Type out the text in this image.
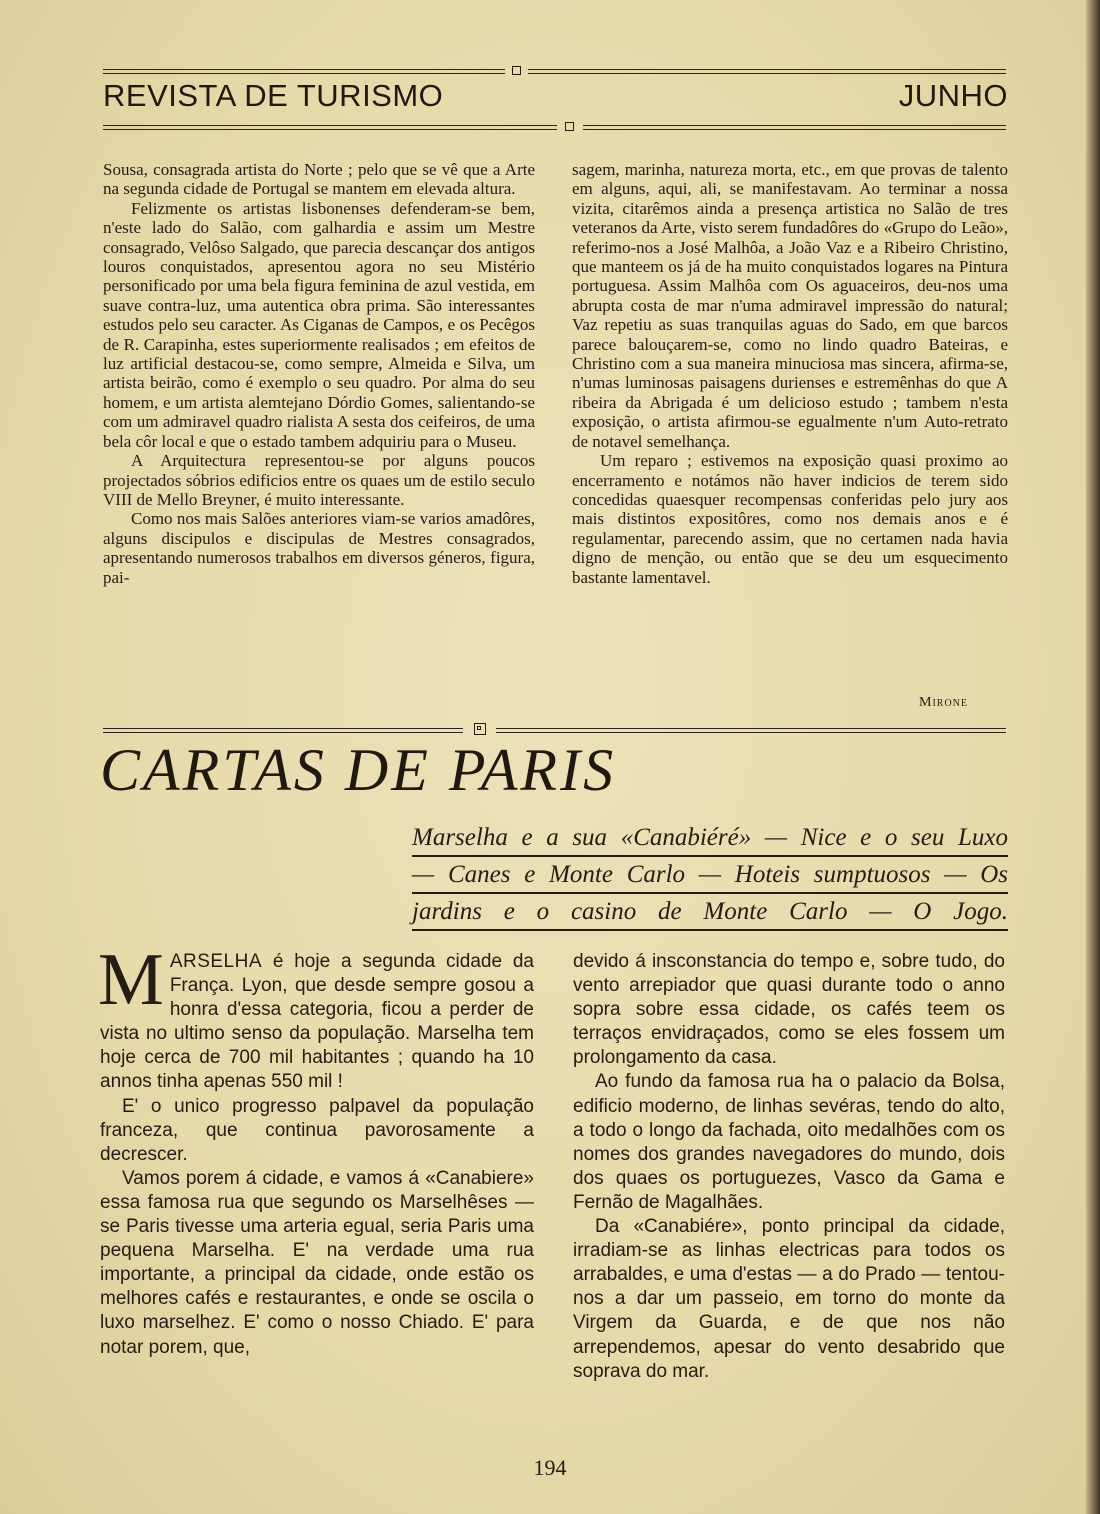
REVISTA DE TURISMO	JUNHO

Sousa, consagrada artista do Norte ; pelo que se vê que a Arte na segunda cidade de Portugal se mantem em elevada altura.

Felizmente os artistas lisbonenses defenderam-se bem, n'este lado do Salão, com galhardia e assim um Mestre consagrado, Velôso Salgado, que parecia descançar dos antigos louros conquistados, apresentou agora no seu Mistério personificado por uma bela figura feminina de azul vestida, em suave contra-luz, uma autentica obra prima. São interessantes estudos pelo seu caracter. As Ciganas de Campos, e os Pecêgos de R. Carapinha, estes superiormente realisados ; em efeitos de luz artificial destacou-se, como sempre, Almeida e Silva, um artista beirão, como é exemplo o seu quadro. Por alma do seu homem, e um artista alemtejano Dórdio Gomes, salientando-se com um admiravel quadro rialista A sesta dos ceifeiros, de uma bela côr local e que o estado tambem adquiriu para o Museu.

A Arquitectura representou-se por alguns poucos projectados sóbrios edificios entre os quaes um de estilo seculo VIII de Mello Breyner, é muito interessante.

Como nos mais Salões anteriores viam-se varios amadôres, alguns discipulos e discipulas de Mestres consagrados, apresentando numerosos trabalhos em diversos géneros, figura, pai-

sagem, marinha, natureza morta, etc., em que provas de talento em alguns, aqui, ali, se manifestavam. Ao terminar a nossa vizita, citarêmos ainda a presença artistica no Salão de tres veteranos da Arte, visto serem fundadôres do «Grupo do Leão», referimo-nos a José Malhôa, a João Vaz e a Ribeiro Christino, que manteem os já de ha muito conquistados logares na Pintura portuguesa. Assim Malhôa com Os aguaceiros, deu-nos uma abrupta costa de mar n'uma admiravel impressão do natural; Vaz repetiu as suas tranquilas aguas do Sado, em que barcos parece balouçarem-se, como no lindo quadro Bateiras, e Christino com a sua maneira minuciosa mas sincera, afirma-se, n'umas luminosas paisagens durienses e estremênhas do que A ribeira da Abrigada é um delicioso estudo ; tambem n'esta exposição, o artista afirmou-se egualmente n'um Auto-retrato de notavel semelhança.

Um reparo ; estivemos na exposição quasi proximo ao encerramento e notámos não haver indicios de terem sido concedidas quaesquer recompensas conferidas pelo jury aos mais distintos expositôres, como nos demais anos e é regulamentar, parecendo assim, que no certamen nada havia digno de menção, ou então que se deu um esquecimento bastante lamentavel.

Mirone
CARTAS DE PARIS
Marselha e a sua «Canabiéré» — Nice e o seu Luxo
— Canes e Monte Carlo — Hoteis sumptuosos — Os
jardins e o casino de Monte Carlo — O Jogo.

MARSELHA é hoje a segunda cidade da França. Lyon, que desde sempre gosou a honra d'essa categoria, ficou a perder de vista no ultimo senso da população. Marselha tem hoje cerca de 700 mil habitantes ; quando ha 10 annos tinha apenas 550 mil !

E' o unico progresso palpavel da população franceza, que continua pavorosamente a decrescer.

Vamos porem á cidade, e vamos á «Canabiere» essa famosa rua que segundo os Marselhêses — se Paris tivesse uma arteria egual, seria Paris uma pequena Marselha. E' na verdade uma rua importante, a principal da cidade, onde estão os melhores cafés e restaurantes, e onde se oscila o luxo marselhez. E' como o nosso Chiado. E' para notar porem, que,

devido á insconstancia do tempo e, sobre tudo, do vento arrepiador que quasi durante todo o anno sopra sobre essa cidade, os cafés teem os terraços envidraçados, como se eles fossem um prolongamento da casa.

Ao fundo da famosa rua ha o palacio da Bolsa, edificio moderno, de linhas sevéras, tendo do alto, a todo o longo da fachada, oito medalhões com os nomes dos grandes navegadores do mundo, dois dos quaes os portuguezes, Vasco da Gama e Fernão de Magalhães.

Da «Canabiére», ponto principal da cidade, irradiam-se as linhas electricas para todos os arrabaldes, e uma d'estas — a do Prado — tentou-nos a dar um passeio, em torno do monte da Virgem da Guarda, e de que nos não arrependemos, apesar do vento desabrido que soprava do mar.

194
